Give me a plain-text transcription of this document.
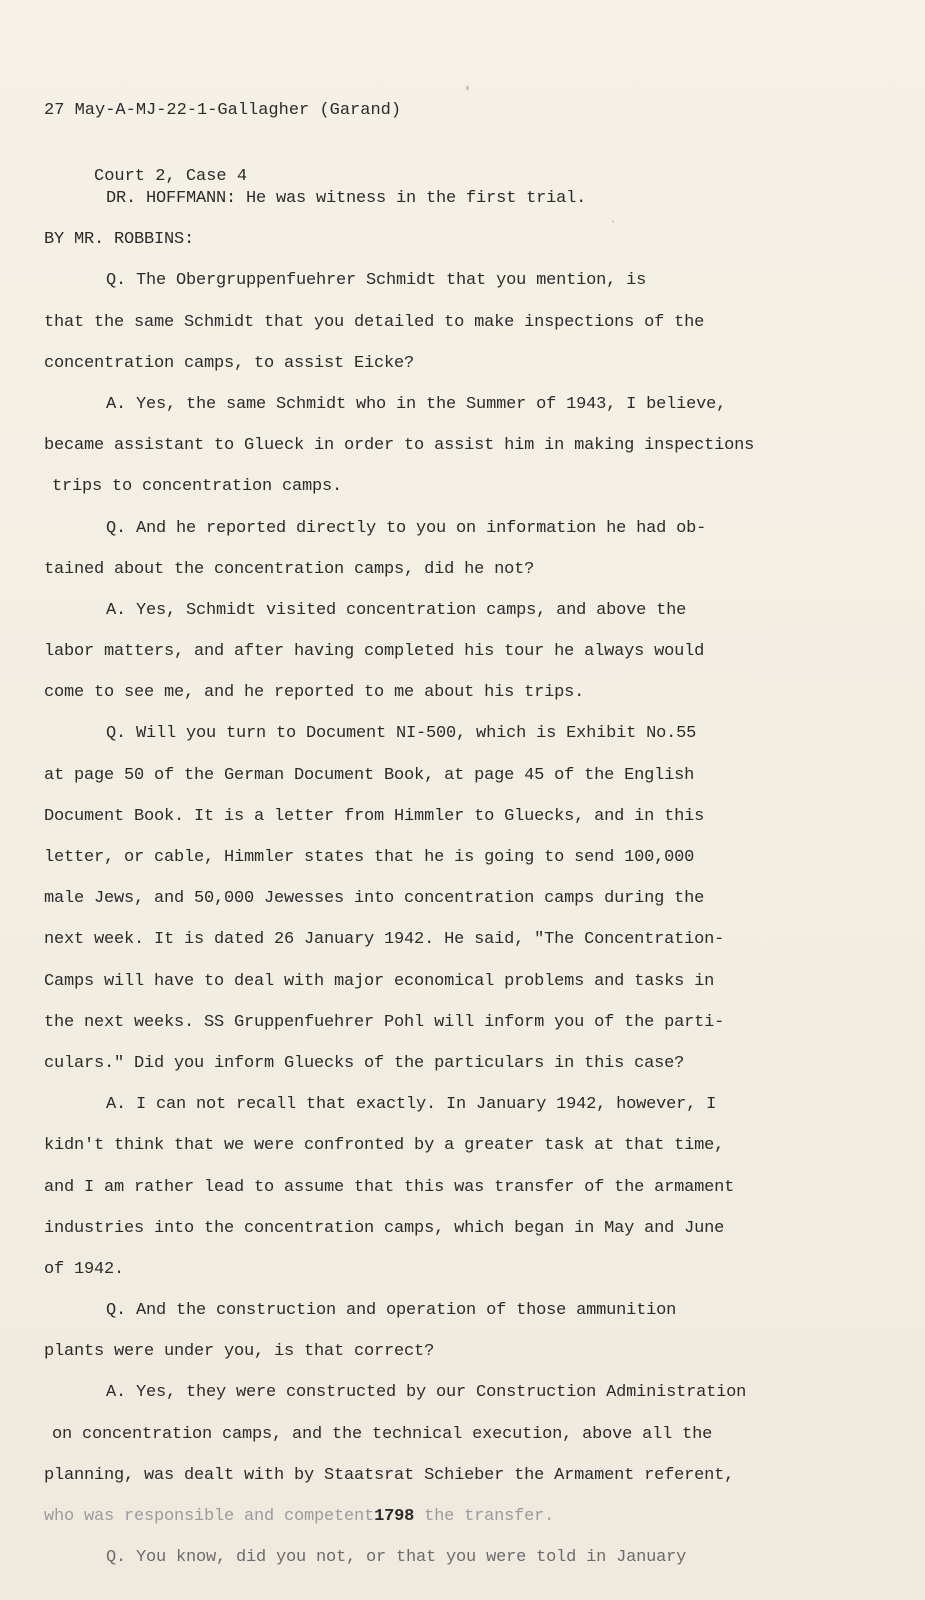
27 May-A-MJ-22-1-Gallagher (Garand)

Court 2, Case 4

DR. HOFFMANN: He was witness in the first trial.
BY MR. ROBBINS:
Q. The Obergruppenfuehrer Schmidt that you mention, is
that the same Schmidt that you detailed to make inspections of the
concentration camps, to assist Eicke?
A. Yes, the same Schmidt who in the Summer of 1943, I believe,
became assistant to Glueck in order to assist him in making inspections
trips to concentration camps.
Q. And he reported directly to you on information he had ob-
tained about the concentration camps, did he not?
A. Yes, Schmidt visited concentration camps, and above the
labor matters, and after having completed his tour he always would
come to see me, and he reported to me about his trips.
Q. Will you turn to Document NI-500, which is Exhibit No.55
at page 50 of the German Document Book, at page 45 of the English
Document Book. It is a letter from Himmler to Gluecks, and in this
letter, or cable, Himmler states that he is going to send 100,000
male Jews, and 50,000 Jewesses into concentration camps during the
next week. It is dated 26 January 1942. He said, "The Concentration-
Camps will have to deal with major economical problems and tasks in
the next weeks. SS Gruppenfuehrer Pohl will inform you of the parti-
culars." Did you inform Gluecks of the particulars in this case?
A. I can not recall that exactly. In January 1942, however, I
kidn't think that we were confronted by a greater task at that time,
and I am rather lead to assume that this was transfer of the armament
industries into the concentration camps, which began in May and June
of 1942.
Q. And the construction and operation of those ammunition
plants were under you, is that correct?
A. Yes, they were constructed by our Construction Administration
on concentration camps, and the technical execution, above all the
planning, was dealt with by Staatsrat Schieber the Armament referent,
who was responsible and competent1798 the transfer.
Q. You know, did you not, or that you were told in January
